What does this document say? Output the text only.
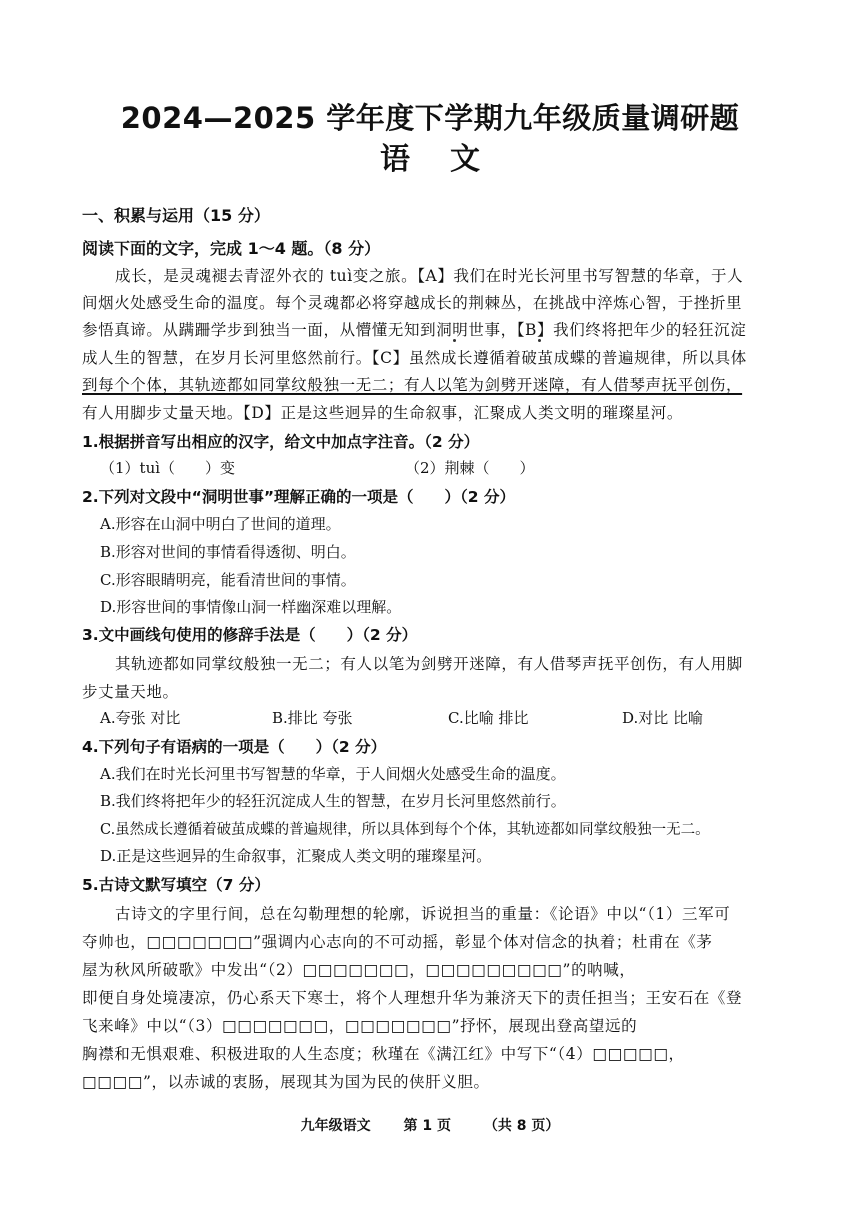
2024—2025 学年度下学期九年级质量调研题
语文
一、积累与运用（15 分）
阅读下面的文字，完成 1～4 题。（8 分）
成长，是灵魂褪去青涩外衣的 tuì变之旅。【A】我们在时光长河里书写智慧的华章，于人
间烟火处感受生命的温度。每个灵魂都必将穿越成长的荆棘丛，在挑战中淬炼心智，于挫折里
参悟真谛。从蹒跚学步到独当一面，从懵懂无知到洞明世事，【B】我们终将把年少的轻狂沉淀
成人生的智慧，在岁月长河里悠然前行。【C】虽然成长遵循着破茧成蝶的普遍规律，所以具体
到每个个体，其轨迹都如同掌纹般独一无二；有人以笔为剑劈开迷障，有人借琴声抚平创伤，
有人用脚步丈量天地。【D】正是这些迥异的生命叙事，汇聚成人类文明的璀璨星河。
1.根据拼音写出相应的汉字，给文中加点字注音。（2 分）
（1）tuì（　　）变	（2）荆棘（　　）
2.下列对文段中“洞明世事”理解正确的一项是（　　）（2 分）
A.形容在山洞中明白了世间的道理。
B.形容对世间的事情看得透彻、明白。
C.形容眼睛明亮，能看清世间的事情。
D.形容世间的事情像山洞一样幽深难以理解。
3.文中画线句使用的修辞手法是（　　）（2 分）
其轨迹都如同掌纹般独一无二；有人以笔为剑劈开迷障，有人借琴声抚平创伤，有人用脚
步丈量天地。
A.夸张 对比	B.排比 夸张	C.比喻 排比	D.对比 比喻
4.下列句子有语病的一项是（　　）（2 分）
A.我们在时光长河里书写智慧的华章，于人间烟火处感受生命的温度。
B.我们终将把年少的轻狂沉淀成人生的智慧，在岁月长河里悠然前行。
C.虽然成长遵循着破茧成蝶的普遍规律，所以具体到每个个体，其轨迹都如同掌纹般独一无二。
D.正是这些迥异的生命叙事，汇聚成人类文明的璀璨星河。
5.古诗文默写填空（7 分）
古诗文的字里行间，总在勾勒理想的轮廓，诉说担当的重量：《论语》中以“（1）三军可
夺帅也，□□□□□□□”强调内心志向的不可动摇，彰显个体对信念的执着；杜甫在《茅
屋为秋风所破歌》中发出“（2）□□□□□□□，□□□□□□□□□”的呐喊，
即便自身处境凄凉，仍心系天下寒士，将个人理想升华为兼济天下的责任担当；王安石在《登
飞来峰》中以“（3）□□□□□□□，□□□□□□□”抒怀，展现出登高望远的
胸襟和无惧艰难、积极进取的人生态度；秋瑾在《满江红》中写下“（4）□□□□□，
□□□□”，以赤诚的衷肠，展现其为国为民的侠肝义胆。
九年级语文 第 1 页 （共 8 页）
